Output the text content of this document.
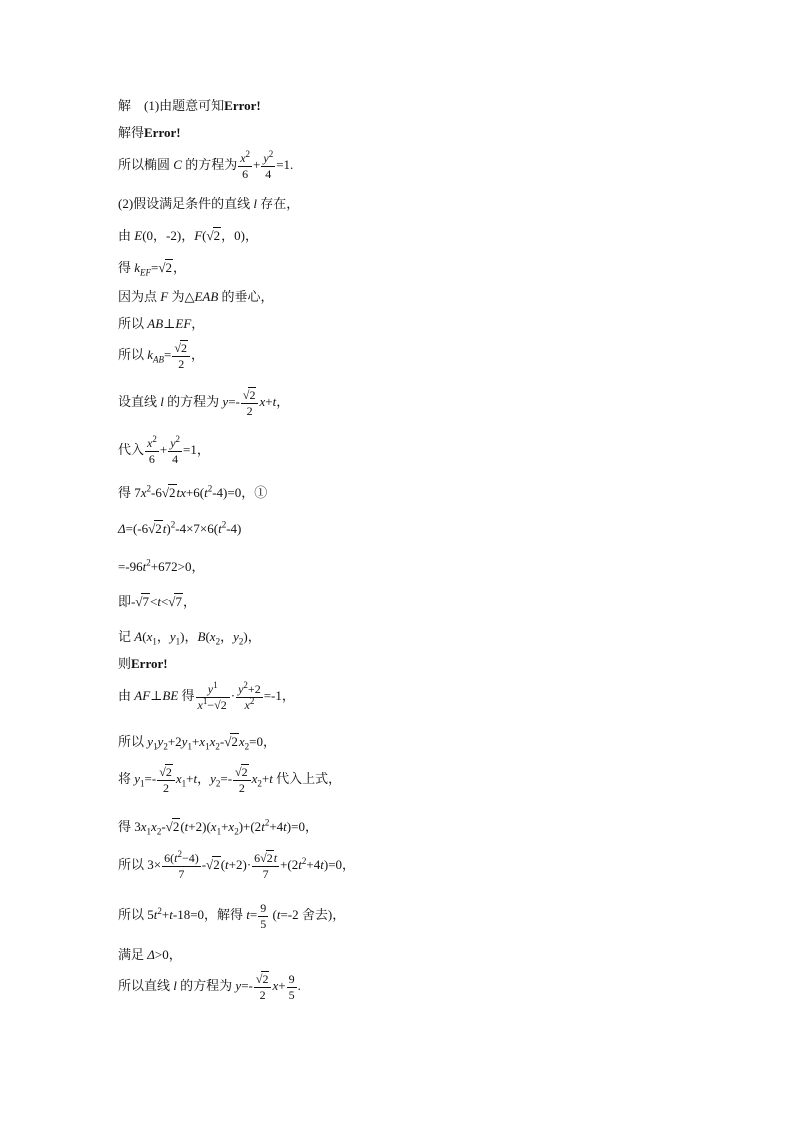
解　(1)由题意可知Error!
解得Error!
所以椭圆 C 的方程为 $\frac{x^2}{6} + \frac{y^2}{4} =1$.
(2)假设满足条件的直线 l 存在，
由 E(0，-2)，F(√2，0)，
得 $k_{EF}=√2$，
因为点 F 为△EAB 的垂心，
所以 AB⊥EF，
所以 $k_{AB}= \frac{√2}{2}$ ，
设直线 l 的方程为 $y=- \frac{√2}{2} x+t$，
代入 $\frac{x^2}{6} + \frac{y^2}{4} =1$，
得 $7x^2-6√2tx+6(t^2-4)=0$，①
$\Delta=(-6√2t)^2-4\times 7\times 6(t^2-4)$
$=-96t^2+672>0$，
即-√7<t<√7，
记 $A(x_1$，$y_1$)，$B(x_2$，$y_2$)，
则Error!
由 AF⊥BE 得 $\frac{y^1}{x^1-√2} \cdot \frac{y^2+2}{x^2} =-1$，
所以 $y_1y_2+2y_1+x_1x_2-√2x_2=0$，
将 $y_1=- \frac{√2}{2} x_1+t$，$y_2=- \frac{√2}{2} x_2+t$ 代入上式，
得 $3x_1x_2-√2(t+2)(x_1+x_2)+(2t^2+4t)=0$，
所以 $3\times \frac{6(t^2-4)}{7} -√2(t+2)\cdot \frac{6√2t}{7} +(2t^2+4t)=0$，
所以 $5t^2+t-18=0$，解得 $t= \frac{9}{5} (t=-2$ 舍去)，
满足 Δ>0，
所以直线 l 的方程为 $y=- \frac{√2}{2} x+ \frac{9}{5}$ .
